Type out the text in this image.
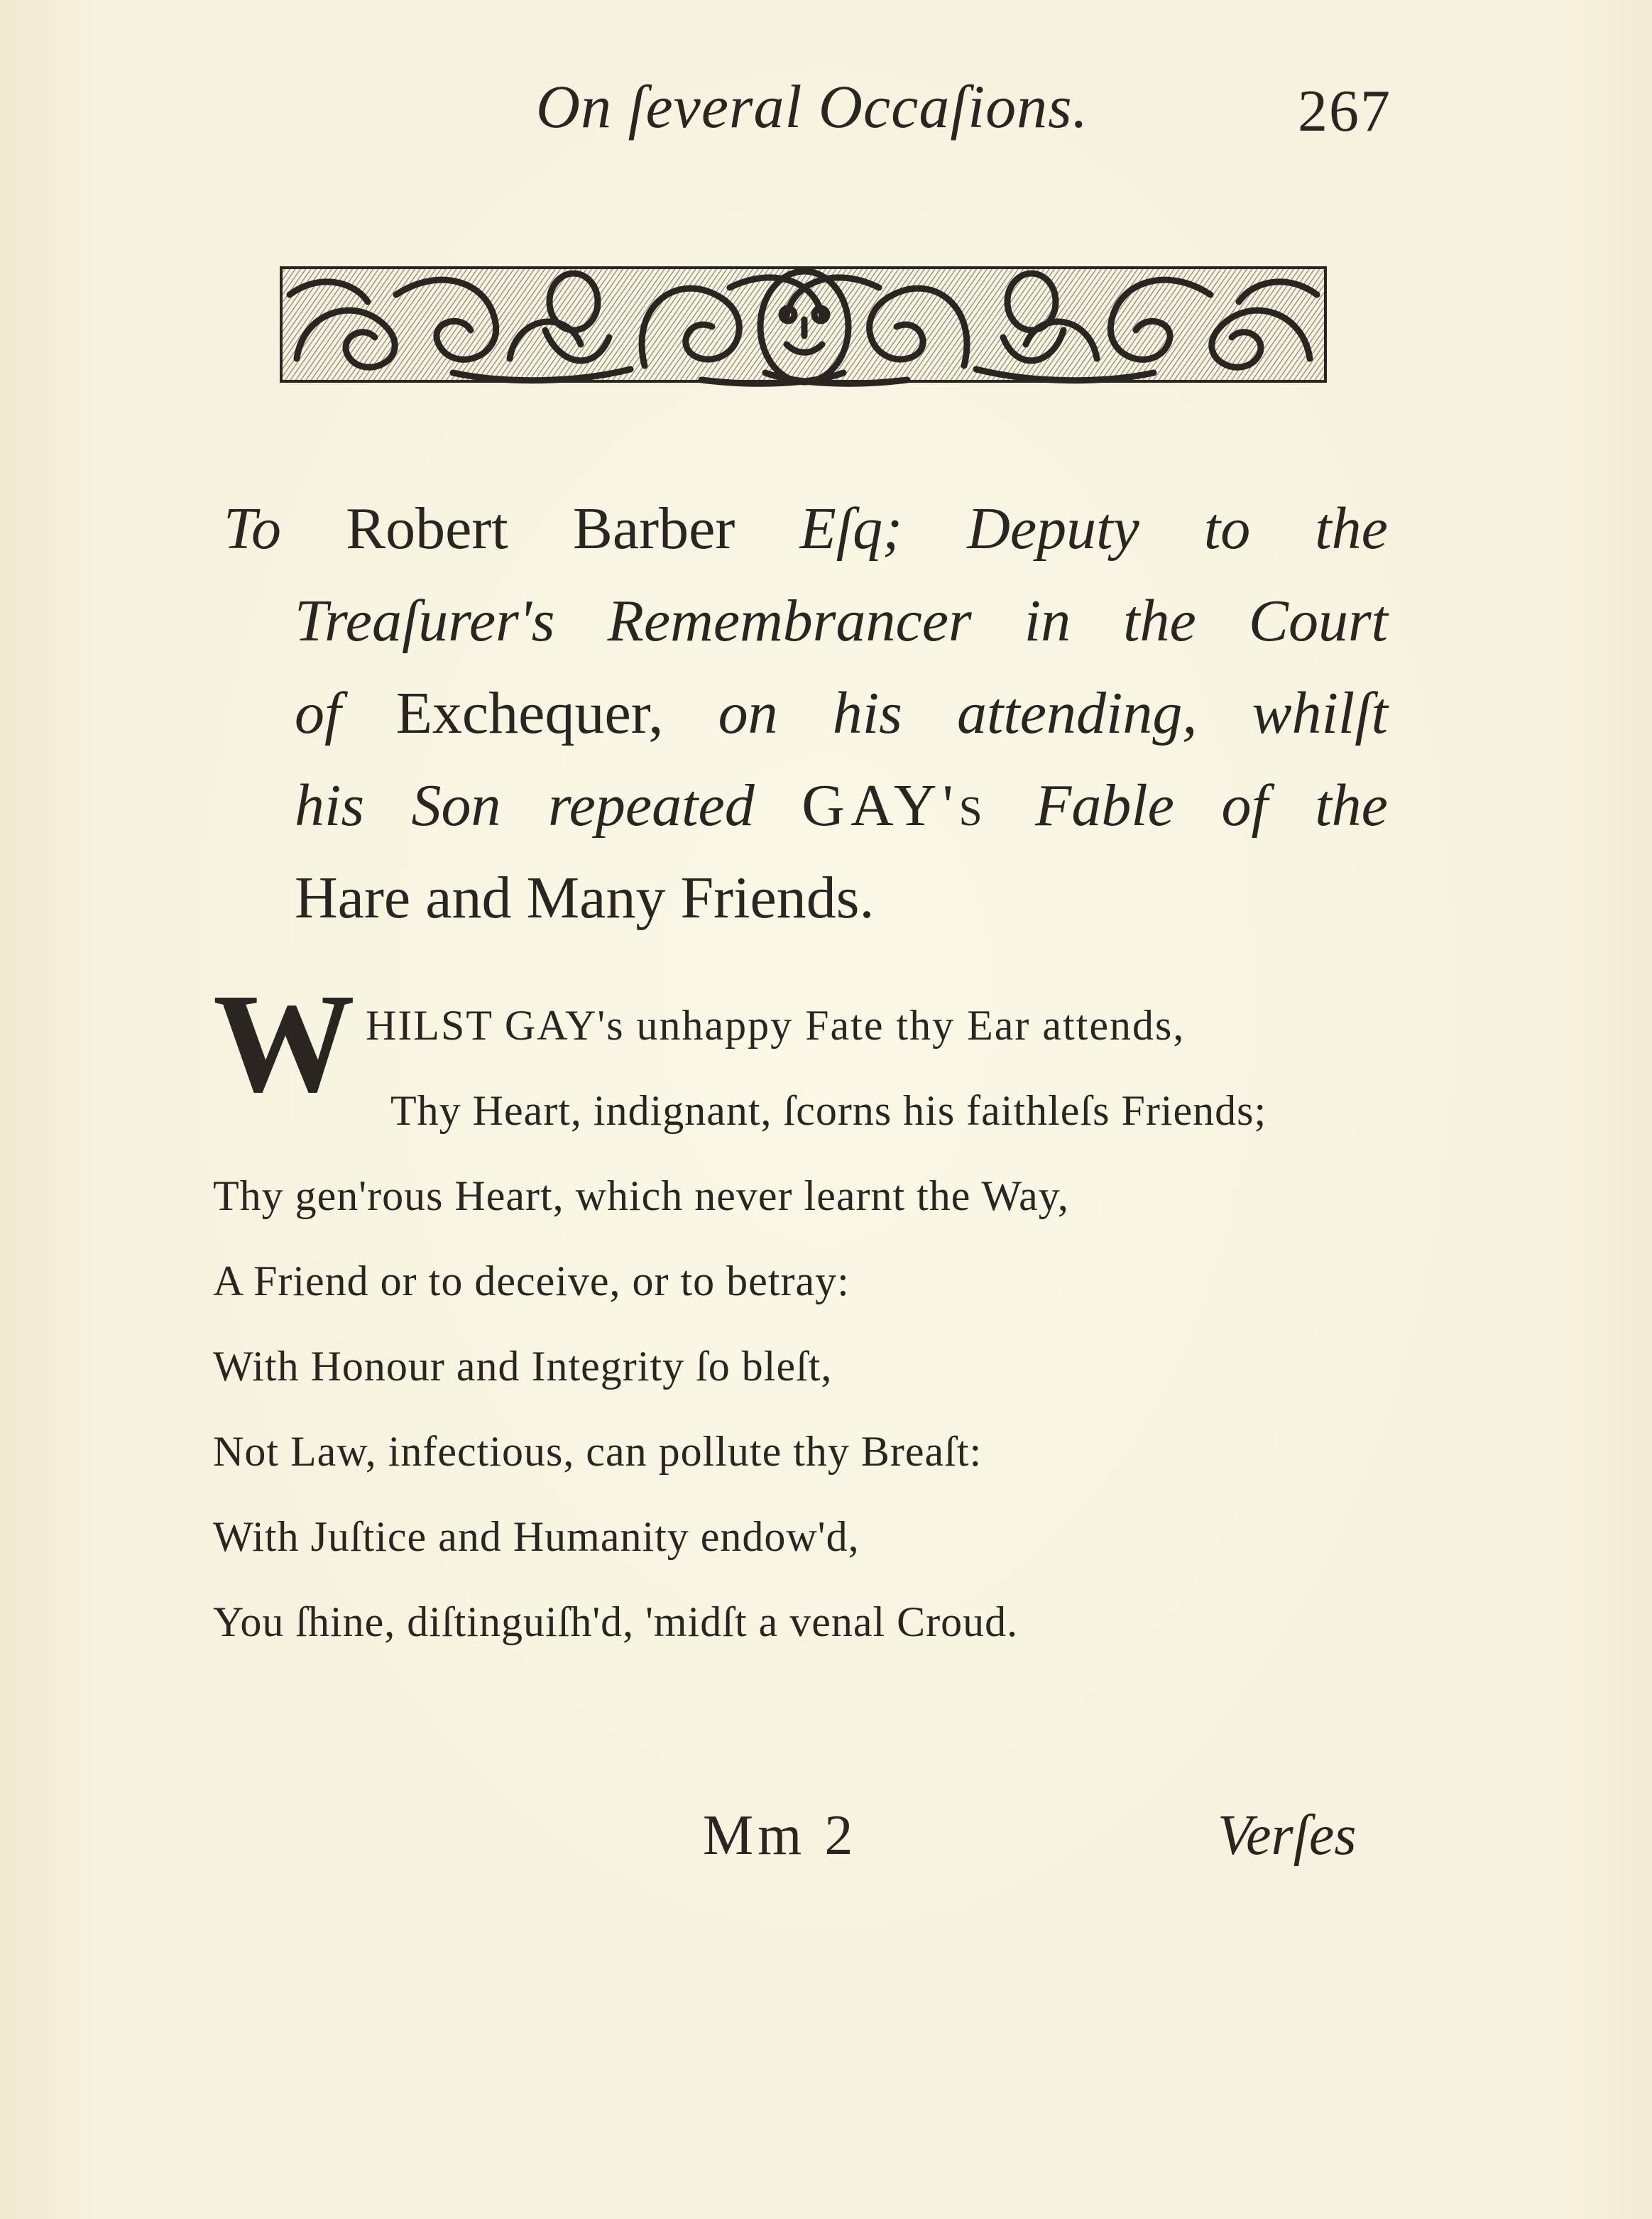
On ſeveral Occaſions.	267
To Robert Barber Eſq; Deputy to the
Treaſurer's Remembrancer in the Court
of Exchequer, on his attending, whilſt
his Son repeated GAY's Fable of the
Hare and Many Friends.
W HILST GAY's unhappy Fate thy Ear attends,
Thy Heart, indignant, ſcorns his faithleſs Friends;
Thy gen'rous Heart, which never learnt the Way,
A Friend or to deceive, or to betray:
With Honour and Integrity ſo bleſt,
Not Law, infectious, can pollute thy Breaſt:
With Juſtice and Humanity endow'd,
You ſhine, diſtinguiſh'd, 'midſt a venal Croud.
Mm 2	Verſes
